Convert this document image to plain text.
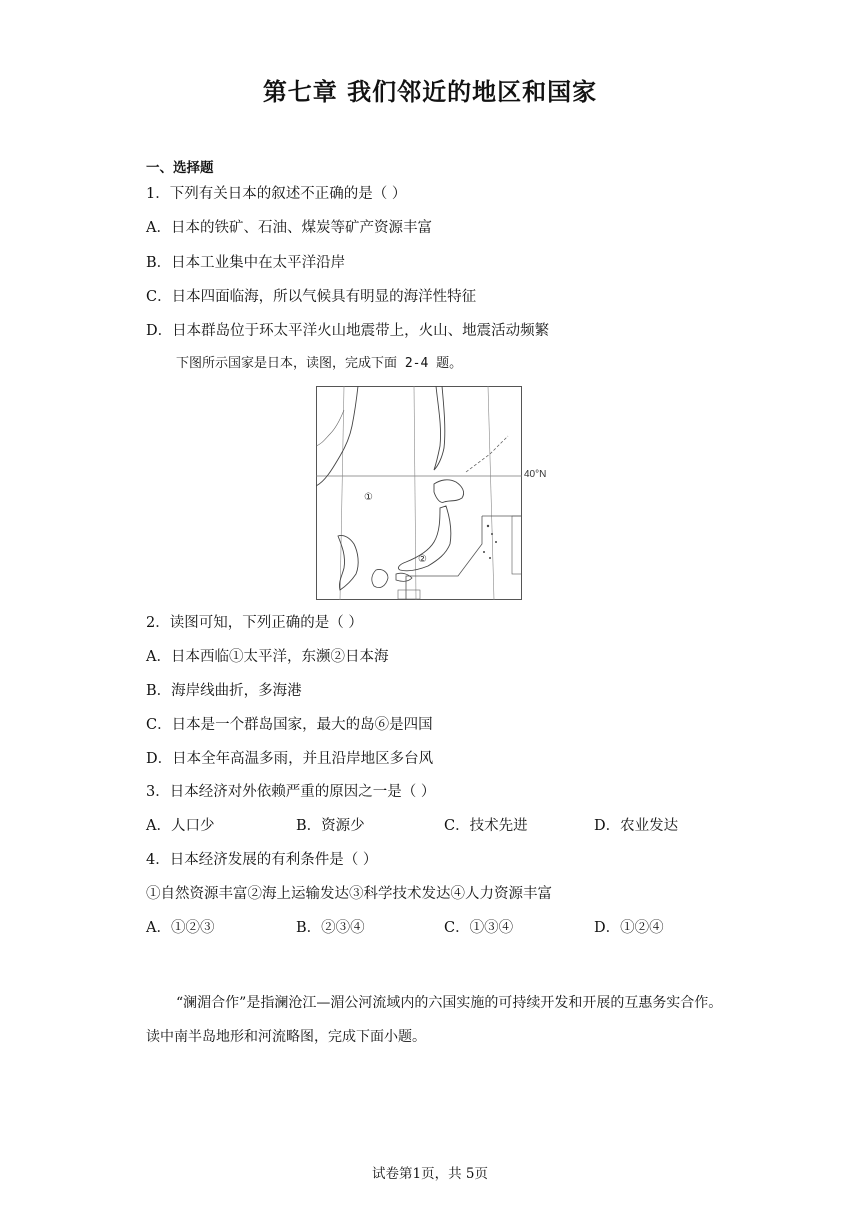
第七章 我们邻近的地区和国家
一、选择题
1．下列有关日本的叙述不正确的是（ ）
A．日本的铁矿、石油、煤炭等矿产资源丰富
B．日本工业集中在太平洋沿岸
C．日本四面临海，所以气候具有明显的海洋性特征
D．日本群岛位于环太平洋火山地震带上，火山、地震活动频繁
下图所示国家是日本，读图，完成下面 2-4 题。
①
②
40°N
2．读图可知，下列正确的是（ ）
A．日本西临①太平洋，东濒②日本海
B．海岸线曲折，多海港
C．日本是一个群岛国家，最大的岛⑥是四国
D．日本全年高温多雨，并且沿岸地区多台风
3．日本经济对外依赖严重的原因之一是（ ）
A．人口少	B．资源少	C．技术先进	D．农业发达
4．日本经济发展的有利条件是（ ）
①自然资源丰富②海上运输发达③科学技术发达④人力资源丰富
A．①②③	B．②③④	C．①③④	D．①②④
“澜湄合作”是指澜沧江—湄公河流域内的六国实施的可持续开发和开展的互惠务实合作。读中南半岛地形和河流略图，完成下面小题。
试卷第1页，共 5页
